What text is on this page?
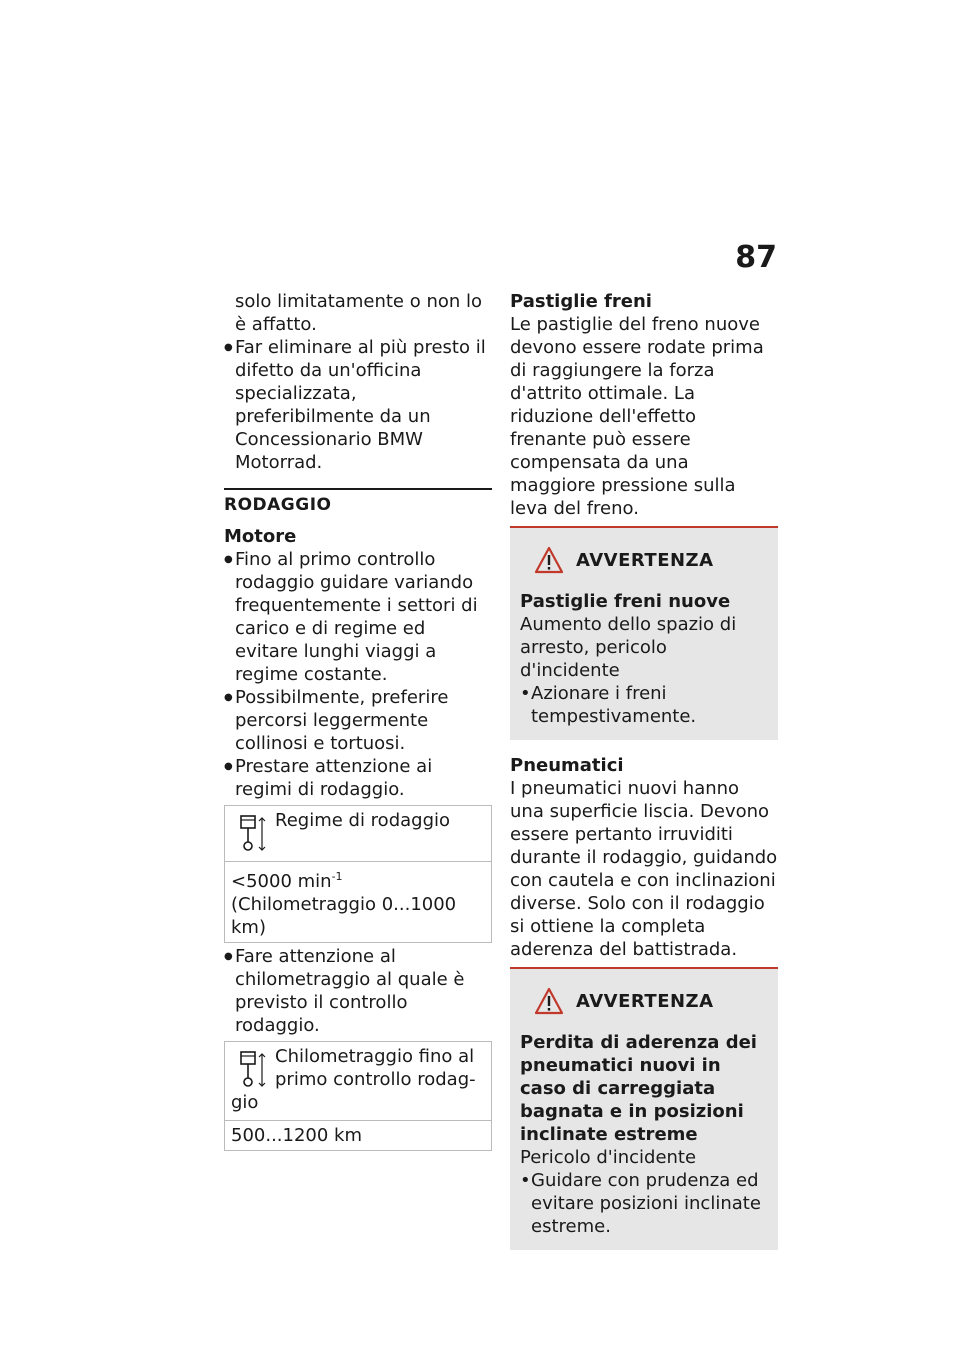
87

solo limitatamente o non lo è affatto.

● Far eliminare al più presto il difetto da un'officina specializzata, preferibilmente da un Concessionario BMW Motorrad.
RODAGGIO
Motore
● Fino al primo controllo rodaggio guidare variando frequentemente i settori di carico e di regime ed evitare lunghi viaggi a regime costante.
● Possibilmente, preferire percorsi leggermente collinosi e tortuosi.
● Prestare attenzione ai regimi di rodaggio.
Regime di rodaggio
<5000 $\min^{-1}$ (Chilometraggio 0...1000 km)
● Fare attenzione al chilometraggio al quale è previsto il controllo rodaggio.
Chilometraggio fino al
primo controllo rodag-
gio
500...1200 km
Pastiglie freni

Le pastiglie del freno nuove devono essere rodate prima di raggiungere la forza d'attrito ottimale. La riduzione dell'effetto frenante può essere compensata da una maggiore pressione sulla leva del freno.

AVVERTENZA
Pastiglie freni nuove

Aumento dello spazio di arresto, pericolo d'incidente

• Azionare i freni tempestivamente.
Pneumatici

I pneumatici nuovi hanno una superficie liscia. Devono essere pertanto irruviditi durante il rodaggio, guidando con cautela e con inclinazioni diverse. Solo con il rodaggio si ottiene la completa aderenza del battistrada.

AVVERTENZA
Perdita di aderenza dei pneumatici nuovi in caso di carreggiata bagnata e in posizioni inclinate estreme

Pericolo d'incidente

• Guidare con prudenza ed evitare posizioni inclinate estreme.
